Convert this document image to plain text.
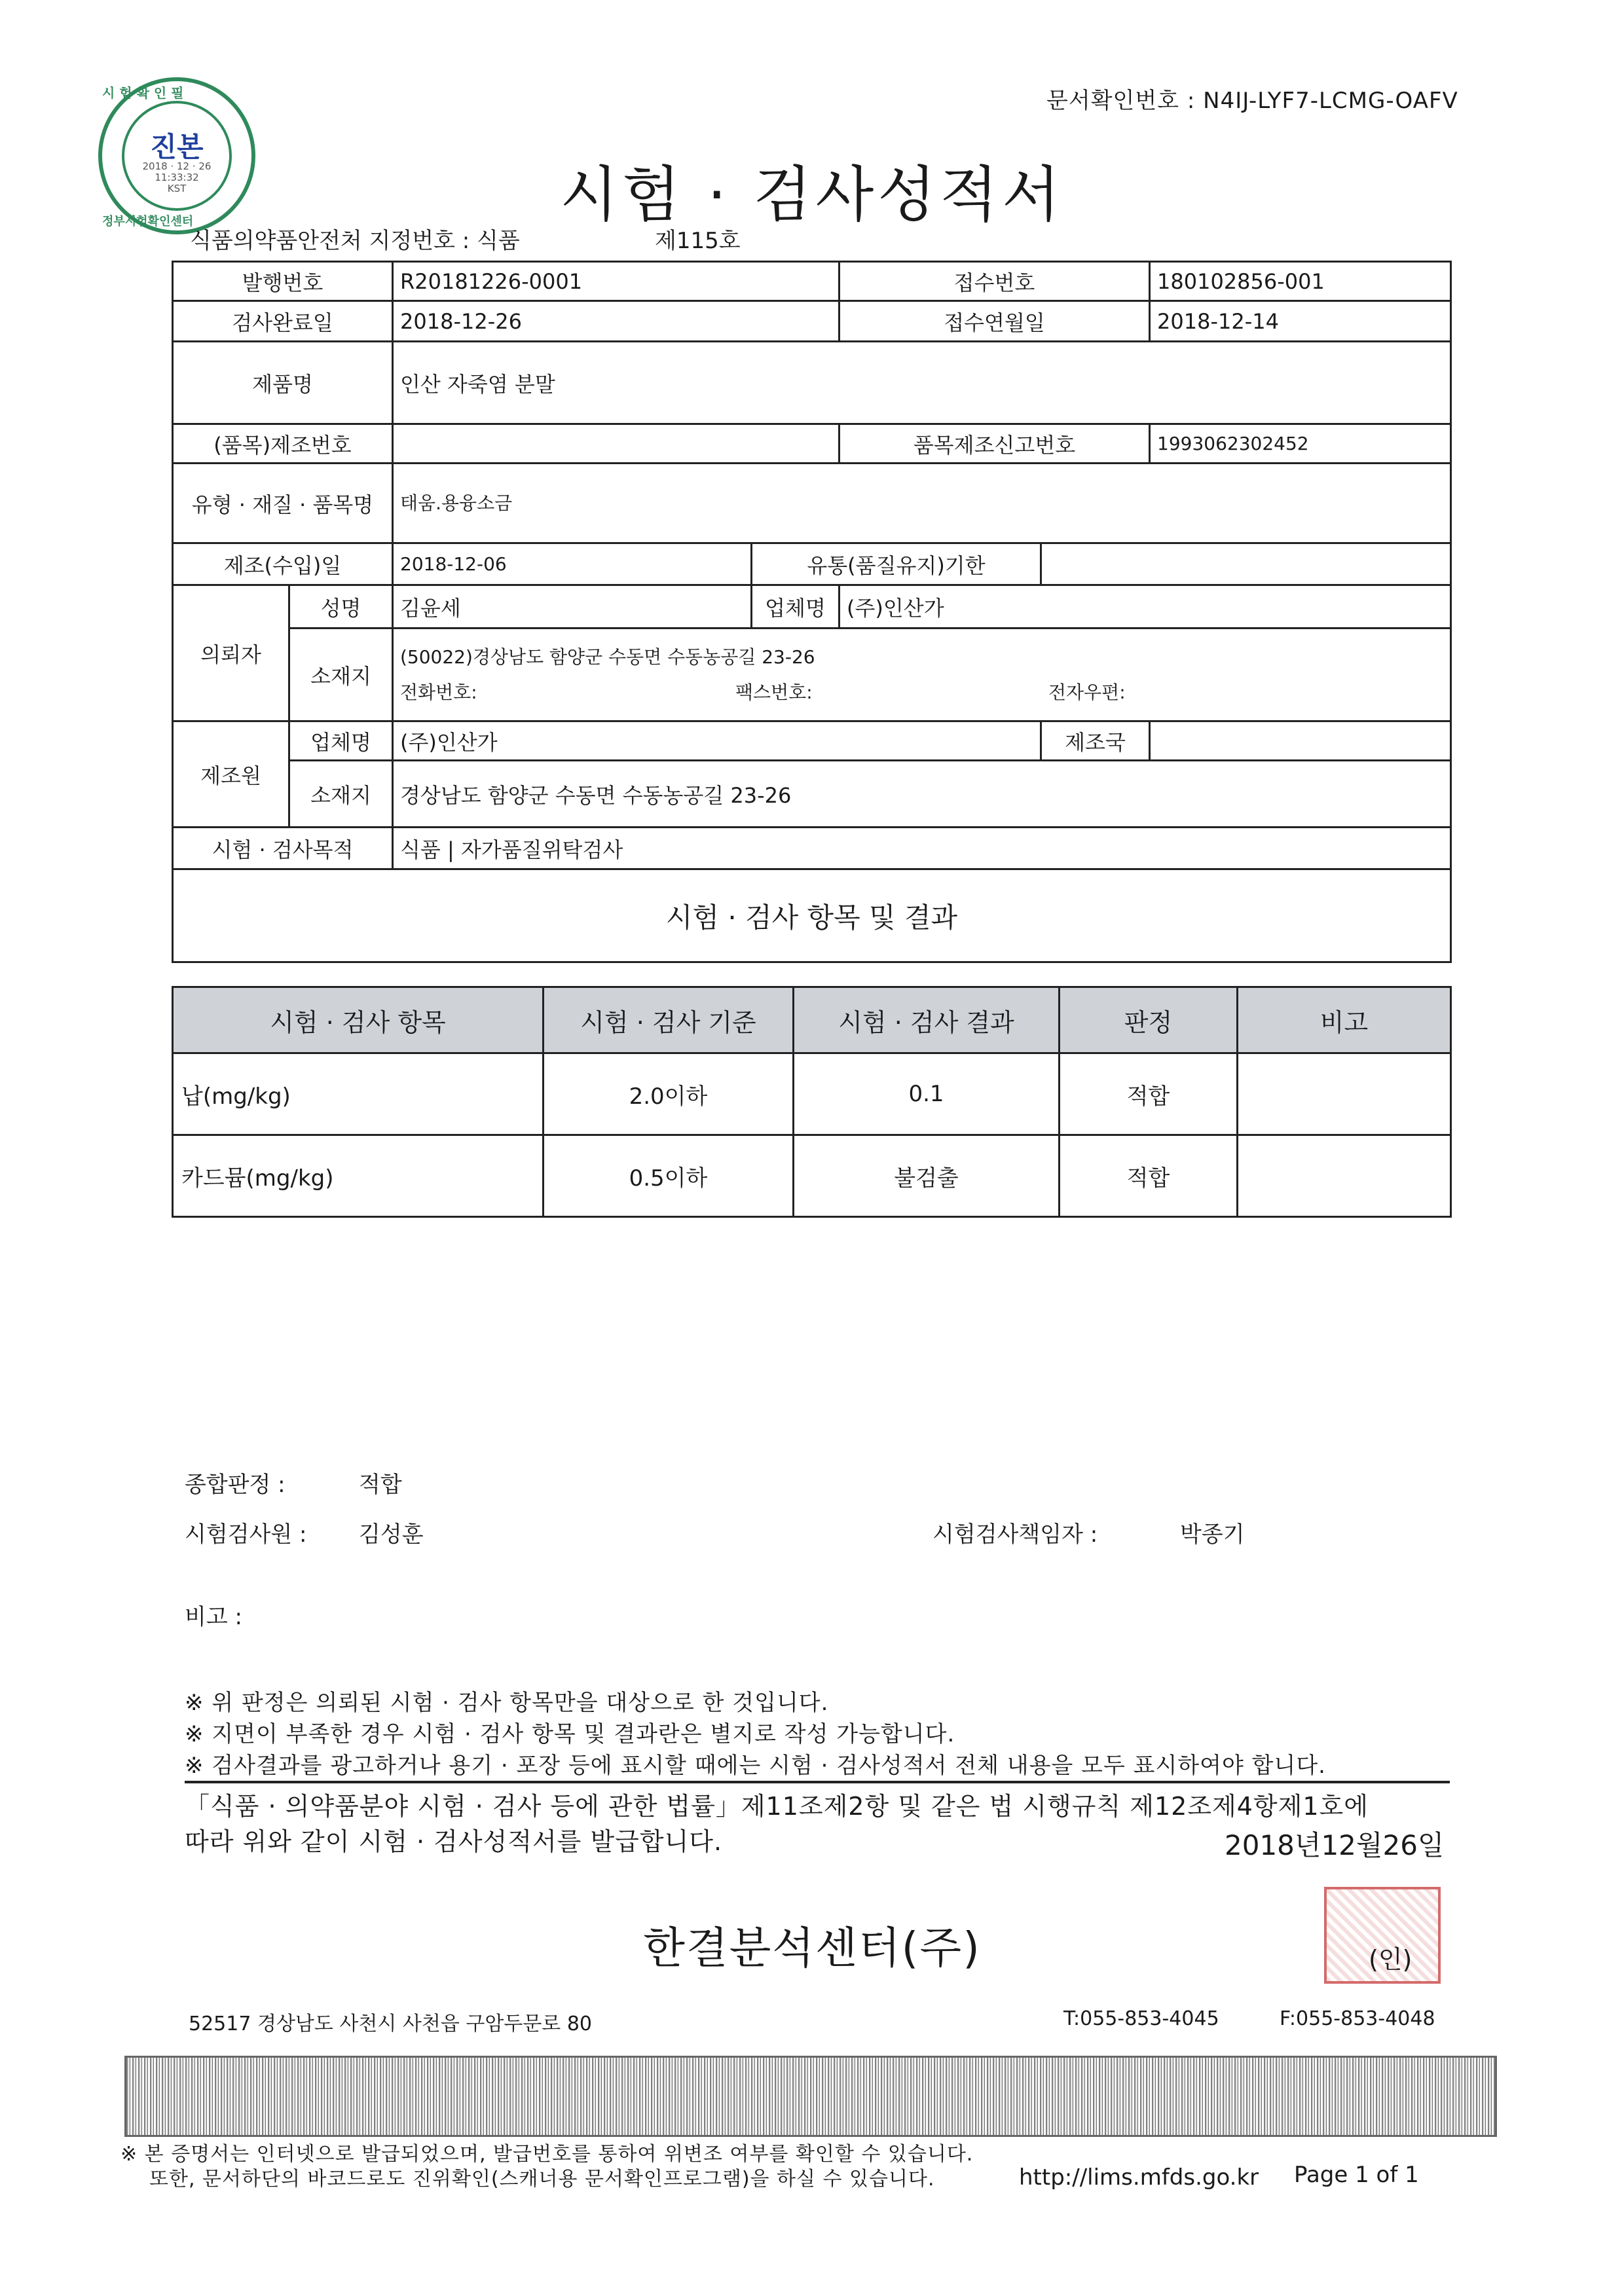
문서확인번호 : N4IJ-LYF7-LCMG-OAFV
시 험 확 인 필
진본
2018 · 12 · 26
11:33:32
KST
정부시험확인센터	시험 · 검사성적서
식품의약품안전처 지정번호 : 식품	제115호
발행번호		R20181226-0001		접수번호		180102856-001
검사완료일		2018-12-26		접수연월일		2018-12-14
제품명		인산 자죽염 분말				
(품목)제조번호				품목제조신고번호		1993062302452
유형 · 재질 · 품목명		태움.용융소금				
제조(수입)일		2018-12-06	유통(품질유지)기한			
의뢰자	성명	김윤세	업체명	(주)인산가		
	소재지	(50022)경상남도 함양군 수동면 수동농공길 23-26
전화번호: 팩스번호: 전자우편:				

제조원	업체명	(주)인산가			제조국	
	소재지	경상남도 함양군 수동면 수동농공길 23-26				
시험 · 검사목적		식품 | 자가품질위탁검사				
시험 · 검사 항목 및 결과						
시험 · 검사 항목	시험 · 검사 기준	시험 · 검사 결과	판정	비고
납(mg/kg)	2.0이하	0.1	적합	
카드뮴(mg/kg)	0.5이하	불검출	적합	
종합판정 :	적합
시험검사원 : 김성훈	시험검사책임자 :	박종기
비고 :
※ 위 판정은 의뢰된 시험 · 검사 항목만을 대상으로 한 것입니다.
※ 지면이 부족한 경우 시험 · 검사 항목 및 결과란은 별지로 작성 가능합니다.
※ 검사결과를 광고하거나 용기 · 포장 등에 표시할 때에는 시험 · 검사성적서 전체 내용을 모두 표시하여야 합니다.
「식품 · 의약품분야 시험 · 검사 등에 관한 법률」제11조제2항 및 같은 법 시행규칙 제12조제4항제1호에
따라 위와 같이 시험 · 검사성적서를 발급합니다.	2018년12월26일
한결분석센터(주)	(인)
52517 경상남도 사천시 사천읍 구암두문로 80	T:055-853-4045	F:055-853-4048
※ 본 증명서는 인터넷으로 발급되었으며, 발급번호를 통하여 위변조 여부를 확인할 수 있습니다.
또한, 문서하단의 바코드로도 진위확인(스캐너용 문서확인프로그램)을 하실 수 있습니다.	http://lims.mfds.go.kr Page 1 of 1
